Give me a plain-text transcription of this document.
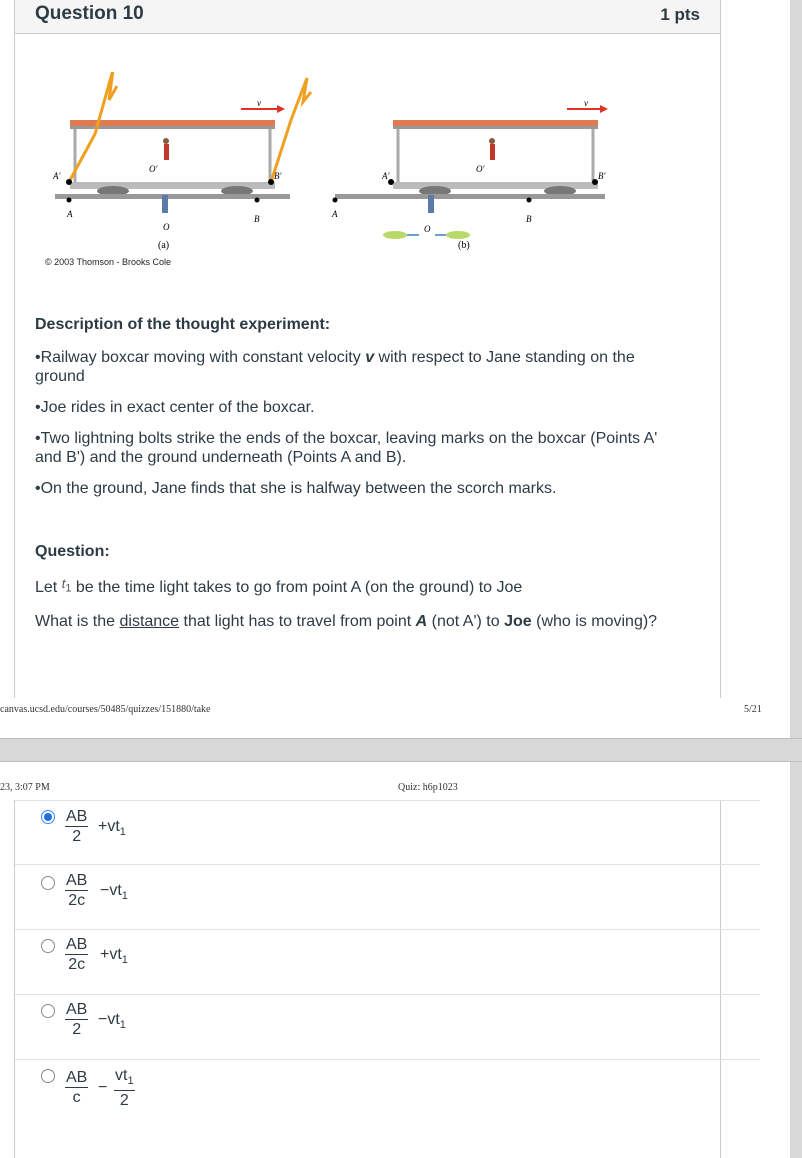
Question 10	1 pts
v
A'	B'
O'
A	B
O
(a)
© 2003 Thomson - Brooks Cole
v
A'	B'
O'
A	B
O
(b)
Description of the thought experiment:
•Railway boxcar moving with constant velocity v with respect to Jane standing on the
ground
•Joe rides in exact center of the boxcar.
•Two lightning bolts strike the ends of the boxcar, leaving marks on the boxcar (Points A'
and B') and the ground underneath (Points A and B).
•On the ground, Jane finds that she is halfway between the scorch marks.
Question:
Let $^{t_1}$ be the time light takes to go from point A (on the ground) to Joe
What is the distance that light has to travel from point A (not A') to Joe (who is moving)?
canvas.ucsd.edu/courses/50485/quizzes/151880/take	5/21
23, 3:07 PM	Quiz: h6p1023
$\frac{AB}{2} +vt_1$
$\frac{AB}{2c} -vt_1$
$\frac{AB}{2c} +vt_1$
$\frac{AB}{2} -vt_1$
$\frac{AB}{c} - \frac{vt_1}{2}$
